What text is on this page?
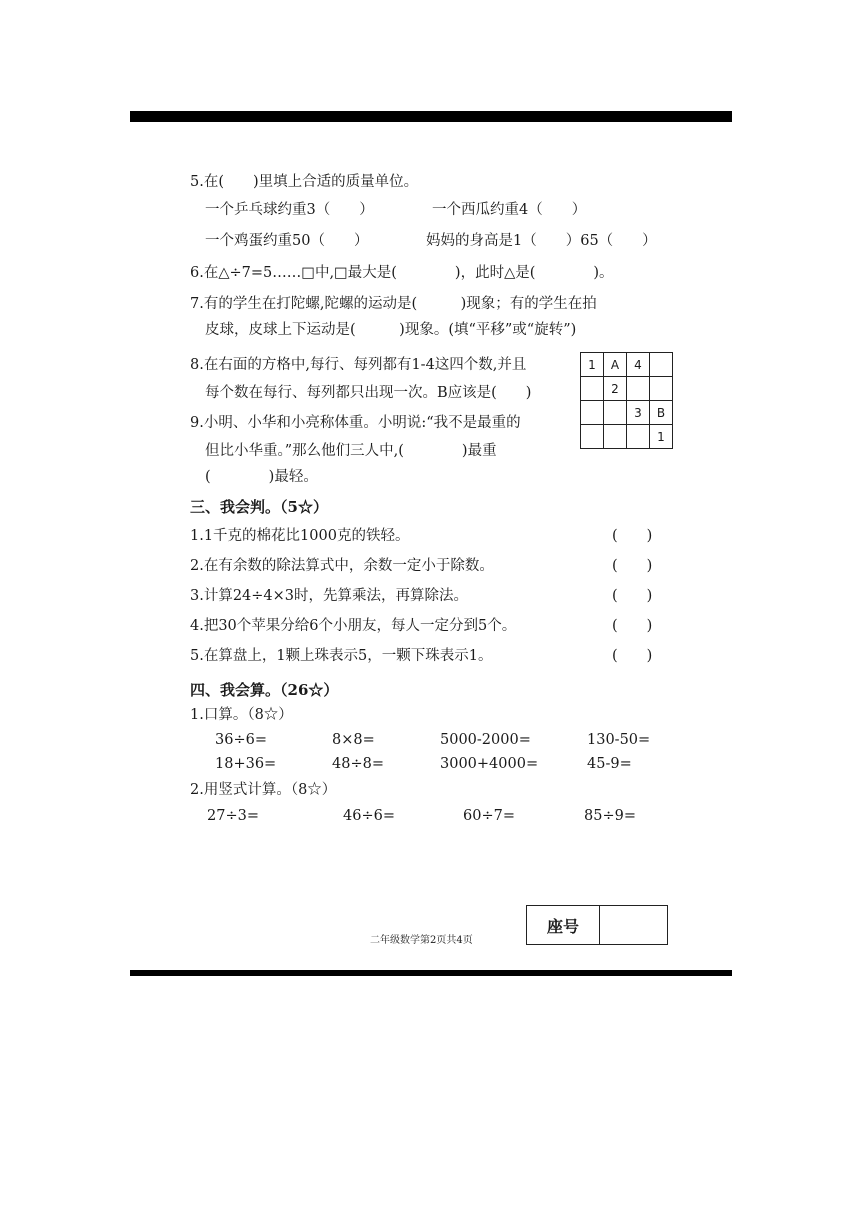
5.在(　　)里填上合适的质量单位。
一个乒乓球约重3（　　）	一个西瓜约重4（　　）
一个鸡蛋约重50（　　）	妈妈的身高是1（　　）65（　　）
6.在△÷7=5……□中,□最大是(　　　　)，此时△是(　　　　)。
7.有的学生在打陀螺,陀螺的运动是(　　　)现象；有的学生在拍
皮球，皮球上下运动是(　　　)现象。(填“平移”或“旋转”)
8.在右面的方格中,每行、每列都有1-4这四个数,并且
每个数在每行、每列都只出现一次。B应该是(　　)
9.小明、小华和小亮称体重。小明说:“我不是最重的
但比小华重。”那么他们三人中,(　　　　)最重
(　　　　)最轻。
1	A	4	
	2		
		3	B
			1
三、我会判。（5☆）
1.1千克的棉花比1000克的铁轻。	(　　)
2.在有余数的除法算式中，余数一定小于除数。	(　　)
3.计算24÷4×3时，先算乘法，再算除法。	(　　)
4.把30个苹果分给6个小朋友，每人一定分到5个。	(　　)
5.在算盘上，1颗上珠表示5，一颗下珠表示1。	(　　)
四、我会算。（26☆）
1.口算。（8☆）
36÷6=	8×8=	5000-2000=	130-50=
18+36=	48÷8=	3000+4000=	45-9=
2.用竖式计算。（8☆）
27÷3=	46÷6=	60÷7=	85÷9=
二年级数学第2页共4页
座号
